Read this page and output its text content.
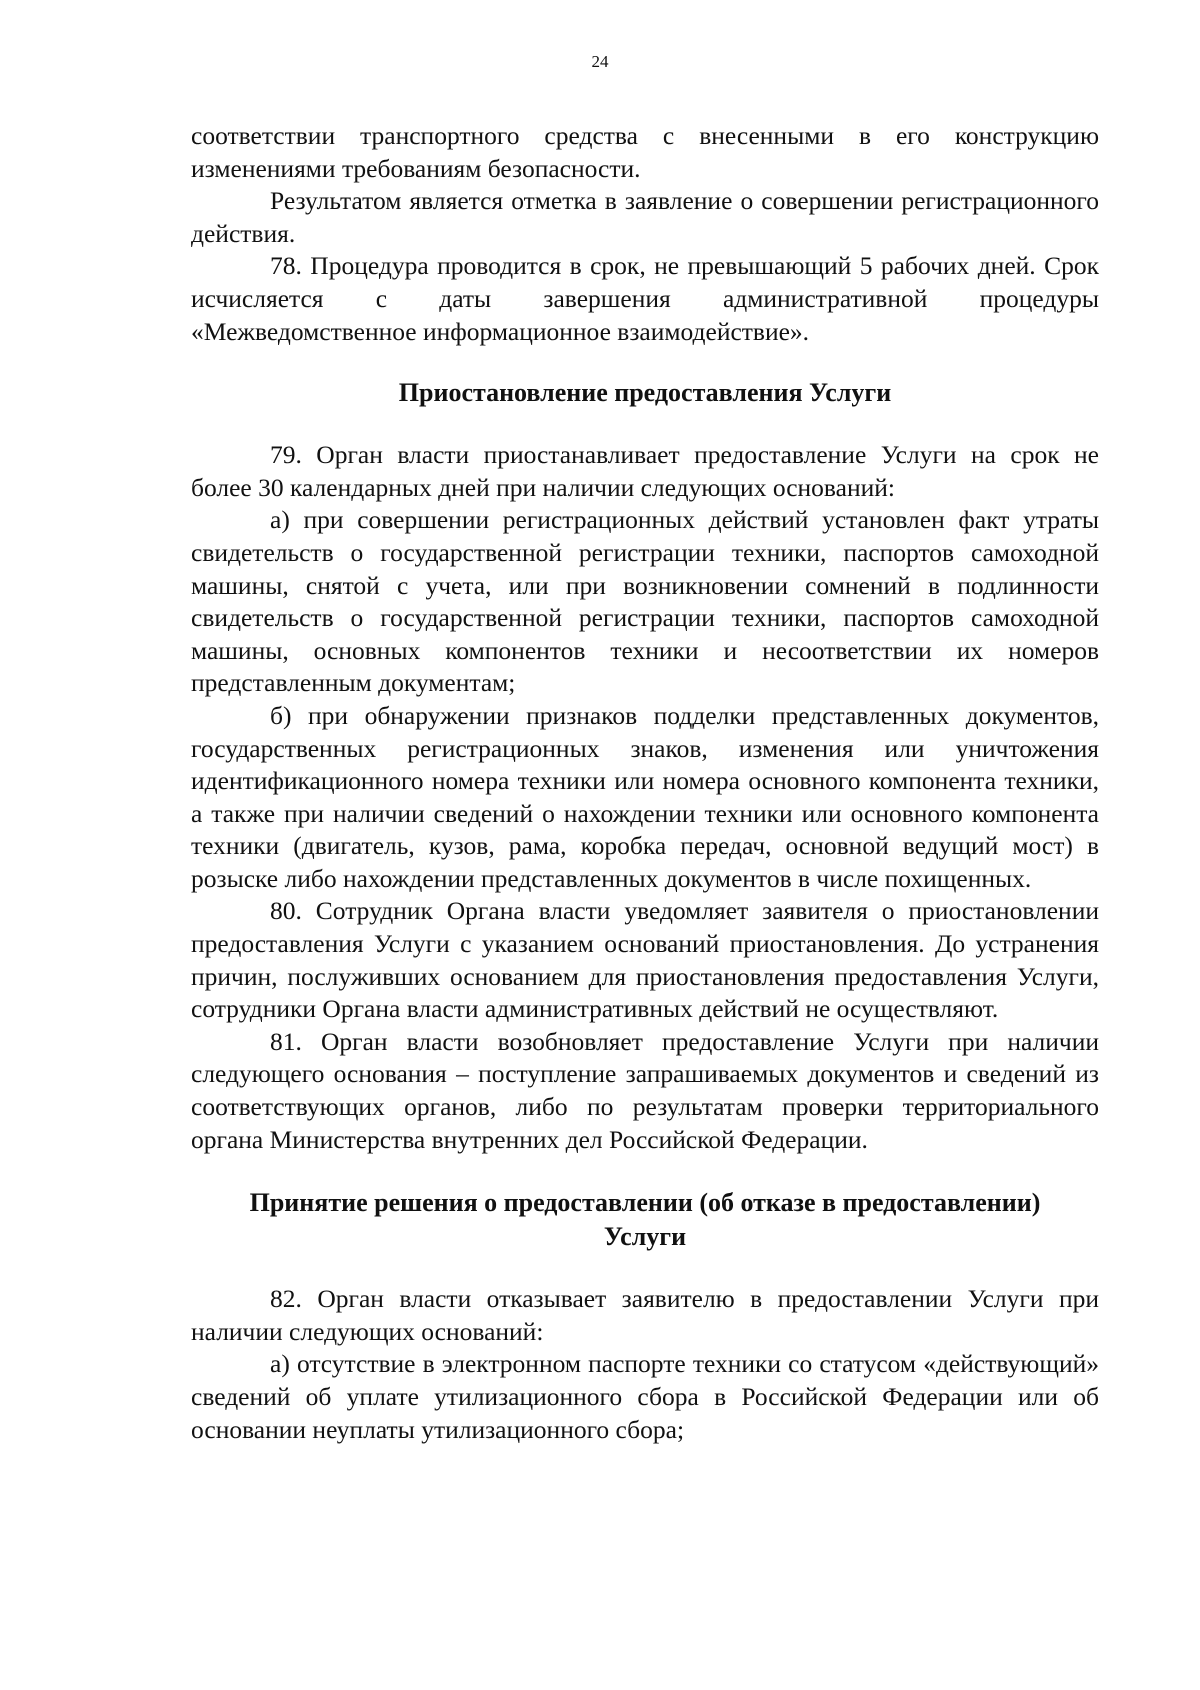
24

соответствии транспортного средства с внесенными в его конструкцию изменениями требованиям безопасности.

Результатом является отметка в заявление о совершении регистрационного действия.

78. Процедура проводится в срок, не превышающий 5 рабочих дней. Срок исчисляется с даты завершения административной процедуры «Межведомственное информационное взаимодействие».

Приостановление предоставления Услуги

79. Орган власти приостанавливает предоставление Услуги на срок не более 30 календарных дней при наличии следующих оснований:

а) при совершении регистрационных действий установлен факт утраты свидетельств о государственной регистрации техники, паспортов самоходной машины, снятой с учета, или при возникновении сомнений в подлинности свидетельств о государственной регистрации техники, паспортов самоходной машины, основных компонентов техники и несоответствии их номеров представленным документам;

б) при обнаружении признаков подделки представленных документов, государственных регистрационных знаков, изменения или уничтожения идентификационного номера техники или номера основного компонента техники, а также при наличии сведений о нахождении техники или основного компонента техники (двигатель, кузов, рама, коробка передач, основной ведущий мост) в розыске либо нахождении представленных документов в числе похищенных.

80. Сотрудник Органа власти уведомляет заявителя о приостановлении предоставления Услуги с указанием оснований приостановления. До устранения причин, послуживших основанием для приостановления предоставления Услуги, сотрудники Органа власти административных действий не осуществляют.

81. Орган власти возобновляет предоставление Услуги при наличии следующего основания – поступление запрашиваемых документов и сведений из соответствующих органов, либо по результатам проверки территориального органа Министерства внутренних дел Российской Федерации.

Принятие решения о предоставлении (об отказе в предоставлении)
Услуги

82. Орган власти отказывает заявителю в предоставлении Услуги при наличии следующих оснований:

а) отсутствие в электронном паспорте техники со статусом «действующий» сведений об уплате утилизационного сбора в Российской Федерации или об основании неуплаты утилизационного сбора;
